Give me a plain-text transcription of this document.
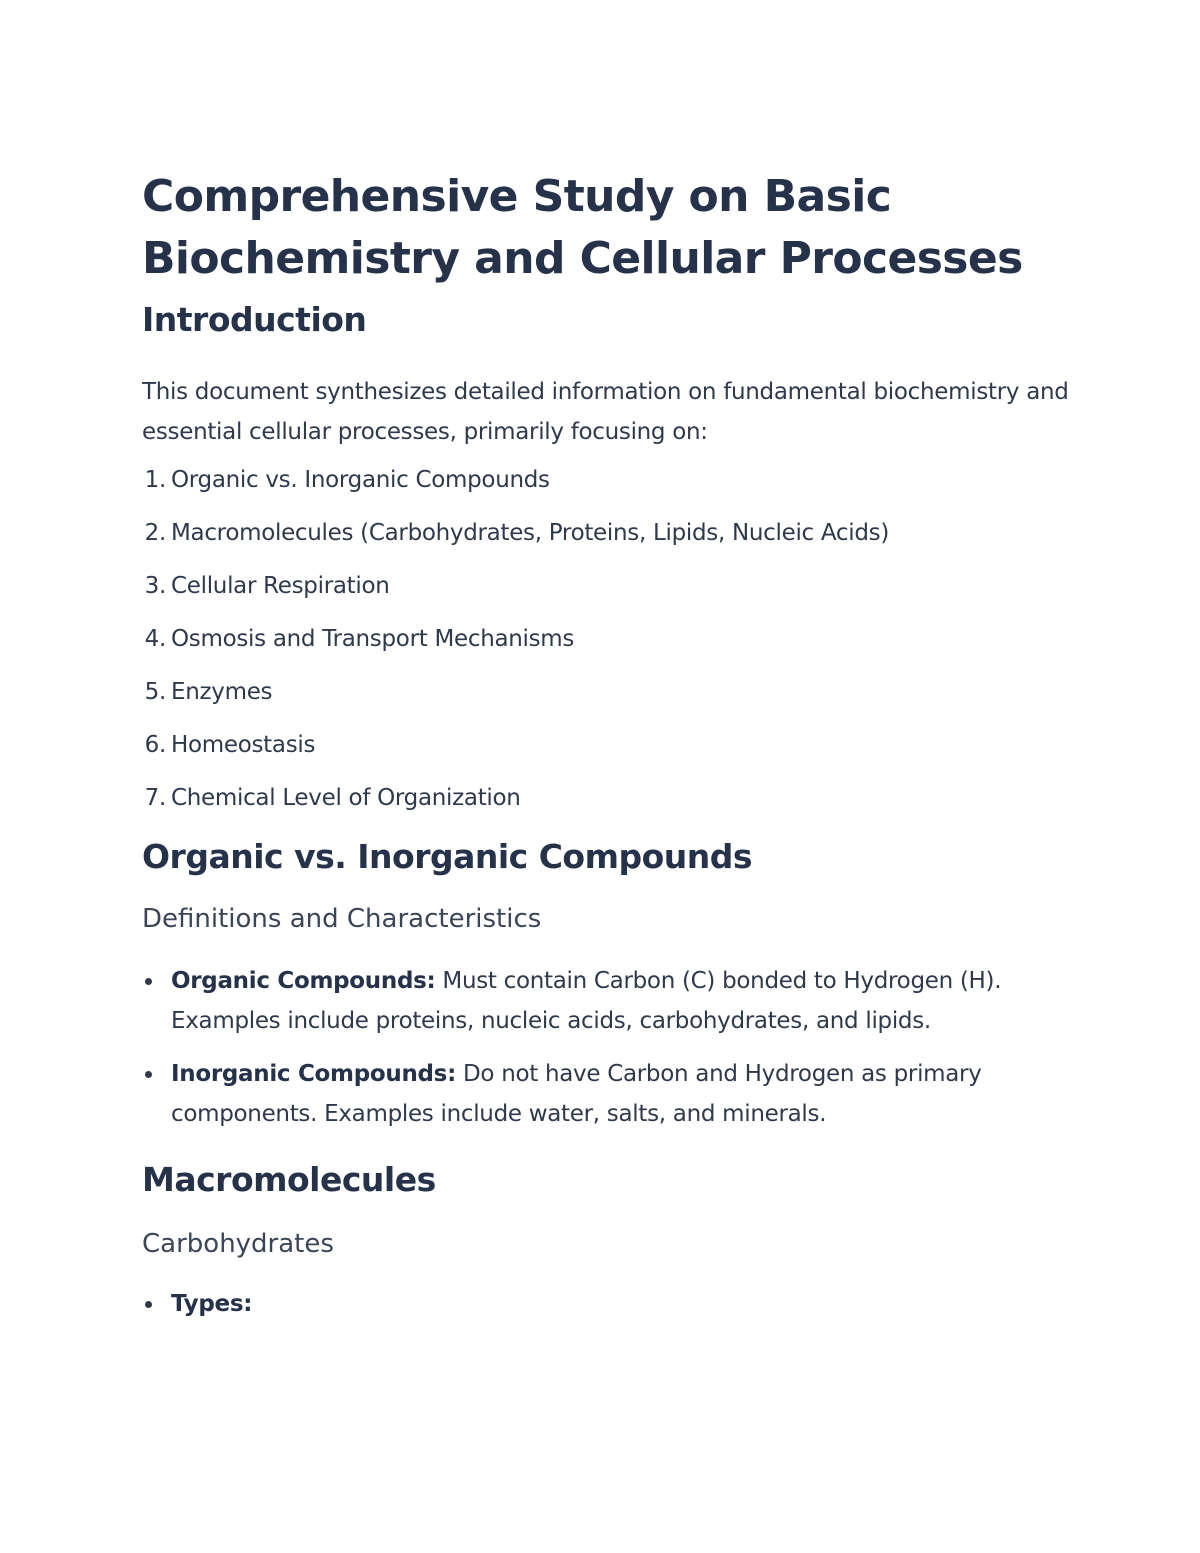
Comprehensive Study on Basic Biochemistry and Cellular Processes
Introduction

This document synthesizes detailed information on fundamental biochemistry and essential cellular processes, primarily focusing on:

1. Organic vs. Inorganic Compounds
2. Macromolecules (Carbohydrates, Proteins, Lipids, Nucleic Acids)
3. Cellular Respiration
4. Osmosis and Transport Mechanisms
5. Enzymes
6. Homeostasis
7. Chemical Level of Organization
Organic vs. Inorganic Compounds
Definitions and Characteristics
Organic Compounds: Must contain Carbon (C) bonded to Hydrogen (H). Examples include proteins, nucleic acids, carbohydrates, and lipids.
Inorganic Compounds: Do not have Carbon and Hydrogen as primary components. Examples include water, salts, and minerals.
Macromolecules
Carbohydrates
Types:
